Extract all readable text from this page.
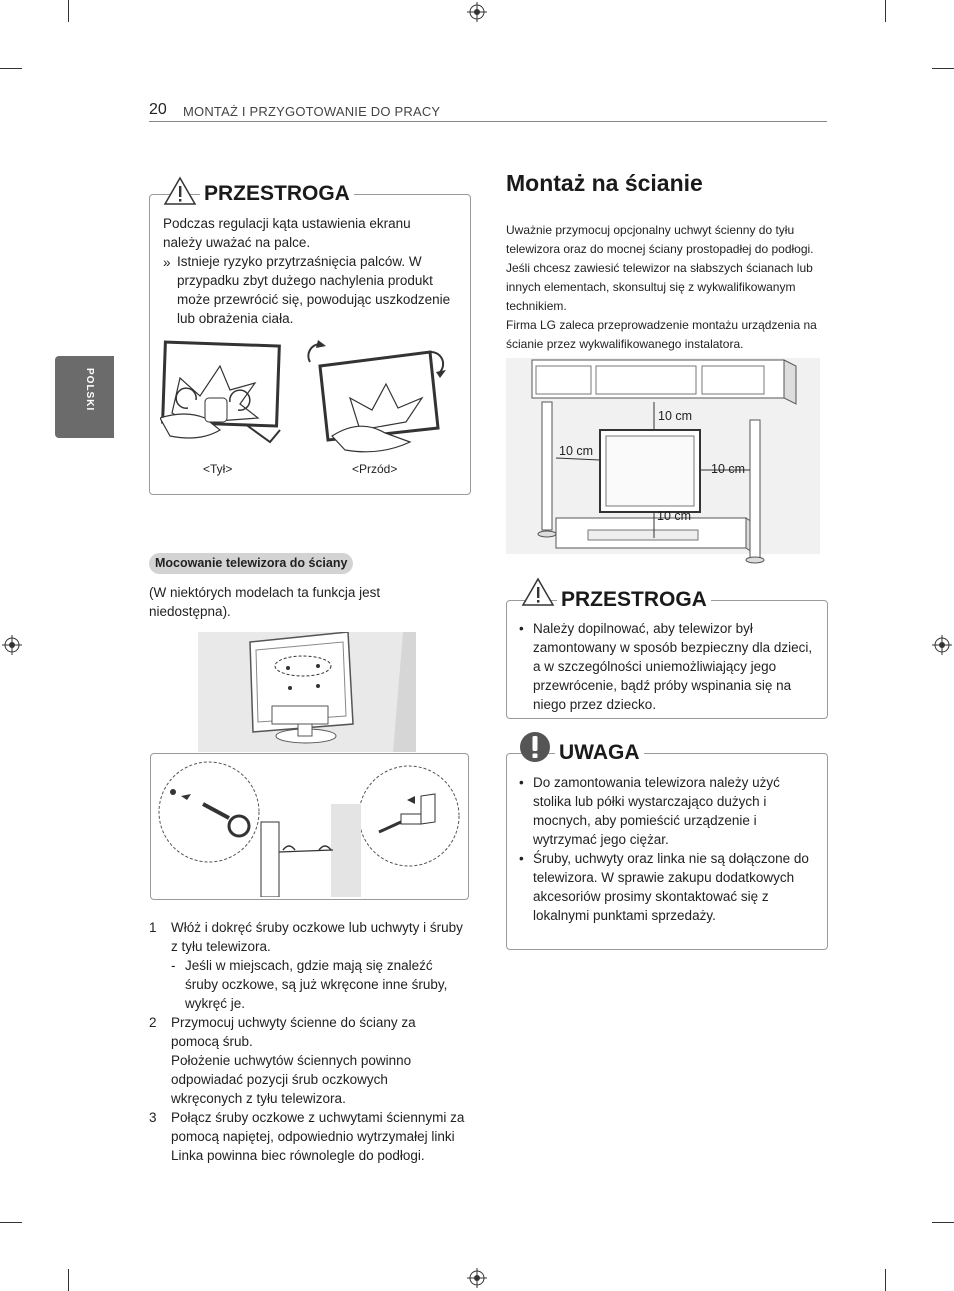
20 MONTAŻ I PRZYGOTOWANIE DO PRACY
POLSKI
PRZESTROGA
Podczas regulacji kąta ustawienia ekranu należy uważać na palce.
» Istnieje ryzyko przytrzaśnięcia palców. W przypadku zbyt dużego nachylenia produkt może przewrócić się, powodując uszkodzenie lub obrażenia ciała.
<Tył>	<Przód>
Mocowanie telewizora do ściany
(W niektórych modelach ta funkcja jest niedostępna).
1 Włóż i dokręć śruby oczkowe lub uchwyty i śruby z tyłu telewizora.
- Jeśli w miejscach, gdzie mają się znaleźć śruby oczkowe, są już wkręcone inne śruby, wykręć je.
2 Przymocuj uchwyty ścienne do ściany za pomocą śrub.
Położenie uchwytów ściennych powinno odpowiadać pozycji śrub oczkowych wkręconych z tyłu telewizora.
3 Połącz śruby oczkowe z uchwytami ściennymi za pomocą napiętej, odpowiednio wytrzymałej linki Linka powinna biec równolegle do podłogi.
Montaż na ścianie
Uważnie przymocuj opcjonalny uchwyt ścienny do tyłu telewizora oraz do mocnej ściany prostopadłej do podłogi. Jeśli chcesz zawiesić telewizor na słabszych ścianach lub innych elementach, skonsultuj się z wykwalifikowanym technikiem.
Firma LG zaleca przeprowadzenie montażu urządzenia na ścianie przez wykwalifikowanego instalatora.
10 cm
10 cm
10 cm
10 cm
PRZESTROGA
• Należy dopilnować, aby telewizor był zamontowany w sposób bezpieczny dla dzieci, a w szczególności uniemożliwiający jego przewrócenie, bądź próby wspinania się na niego przez dziecko.
UWAGA
• Do zamontowania telewizora należy użyć stolika lub półki wystarczająco dużych i mocnych, aby pomieścić urządzenie i wytrzymać jego ciężar.
• Śruby, uchwyty oraz linka nie są dołączone do telewizora. W sprawie zakupu dodatkowych akcesoriów prosimy skontaktować się z lokalnymi punktami sprzedaży.
